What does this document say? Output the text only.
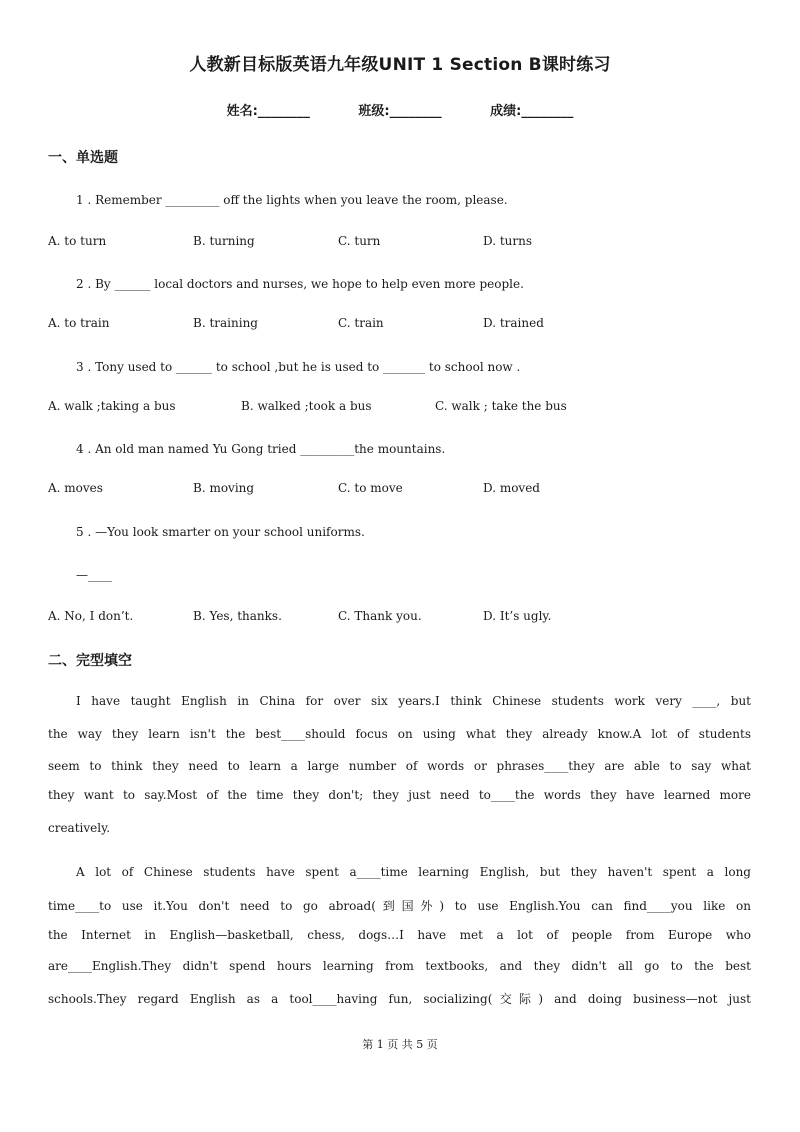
人教新目标版英语九年级UNIT 1 Section B课时练习
姓名:________	班级:________	成绩:________
一、单选题
1 . Remember _________ off the lights when you leave the room, please.
A. to turn	B. turning	C. turn	D. turns
2 . By ______ local doctors and nurses, we hope to help even more people.
A. to train	B. training	C. train	D. trained
3 . Tony used to ______ to school ,but he is used to _______ to school now .
A. walk ;taking a bus	B. walked ;took a bus	C. walk ; take the bus
4 . An old man named Yu Gong tried _________the mountains.
A. moves	B. moving	C. to move	D. moved
5 . —You look smarter on your school uniforms.
—____
A. No, I don’t.	B. Yes, thanks.	C. Thank you.	D. It’s ugly.
二、完型填空
I have taught English in China for over six years.I think Chinese students work very ____, but
the way they learn isn't the best____should focus on using what they already know.A lot of students
seem to think they need to learn a large number of words or phrases____they are able to say what
they want to say.Most of the time they don't; they just need to____the words they have learned more
creatively.
A lot of Chinese students have spent a____time learning English, but they haven't spent a long
time____to use it.You don't need to go abroad(到国外) to use English.You can find____you like on
the Internet in English—basketball, chess, dogs…I have met a lot of people from Europe who
are____English.They didn't spend hours learning from textbooks, and they didn't all go to the best
schools.They regard English as a tool____having fun, socializing(交际) and doing business—not just
第 1 页 共 5 页
